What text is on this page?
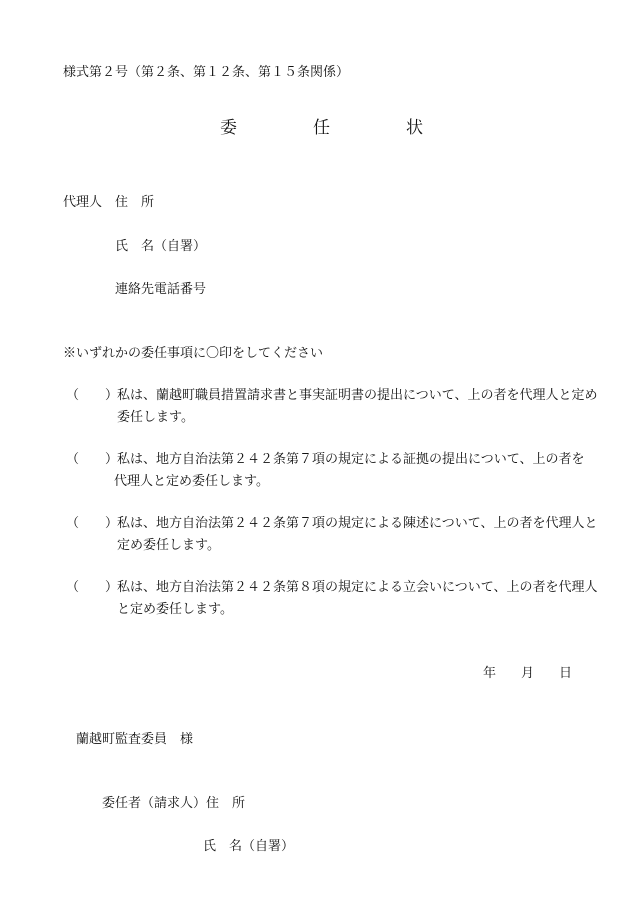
様式第２号（第２条、第１２条、第１５条関係）
委	任	状
代理人 住　所
氏　名（自署）
連絡先電話番号
※いずれかの委任事項に〇印をしてください
（　　）
私は、蘭越町職員措置請求書と事実証明書の提出について、上の者を代理人と定め
委任します。
（　　）
私は、地方自治法第２４２条第７項の規定による証拠の提出について、上の者を
代理人と定め委任します。
（　　）
私は、地方自治法第２４２条第７項の規定による陳述について、上の者を代理人と
定め委任します。
（　　）
私は、地方自治法第２４２条第８項の規定による立会いについて、上の者を代理人
と定め委任します。
年 月 日
蘭越町監査委員　様
委任者（請求人）住　所
氏　名（自署）
